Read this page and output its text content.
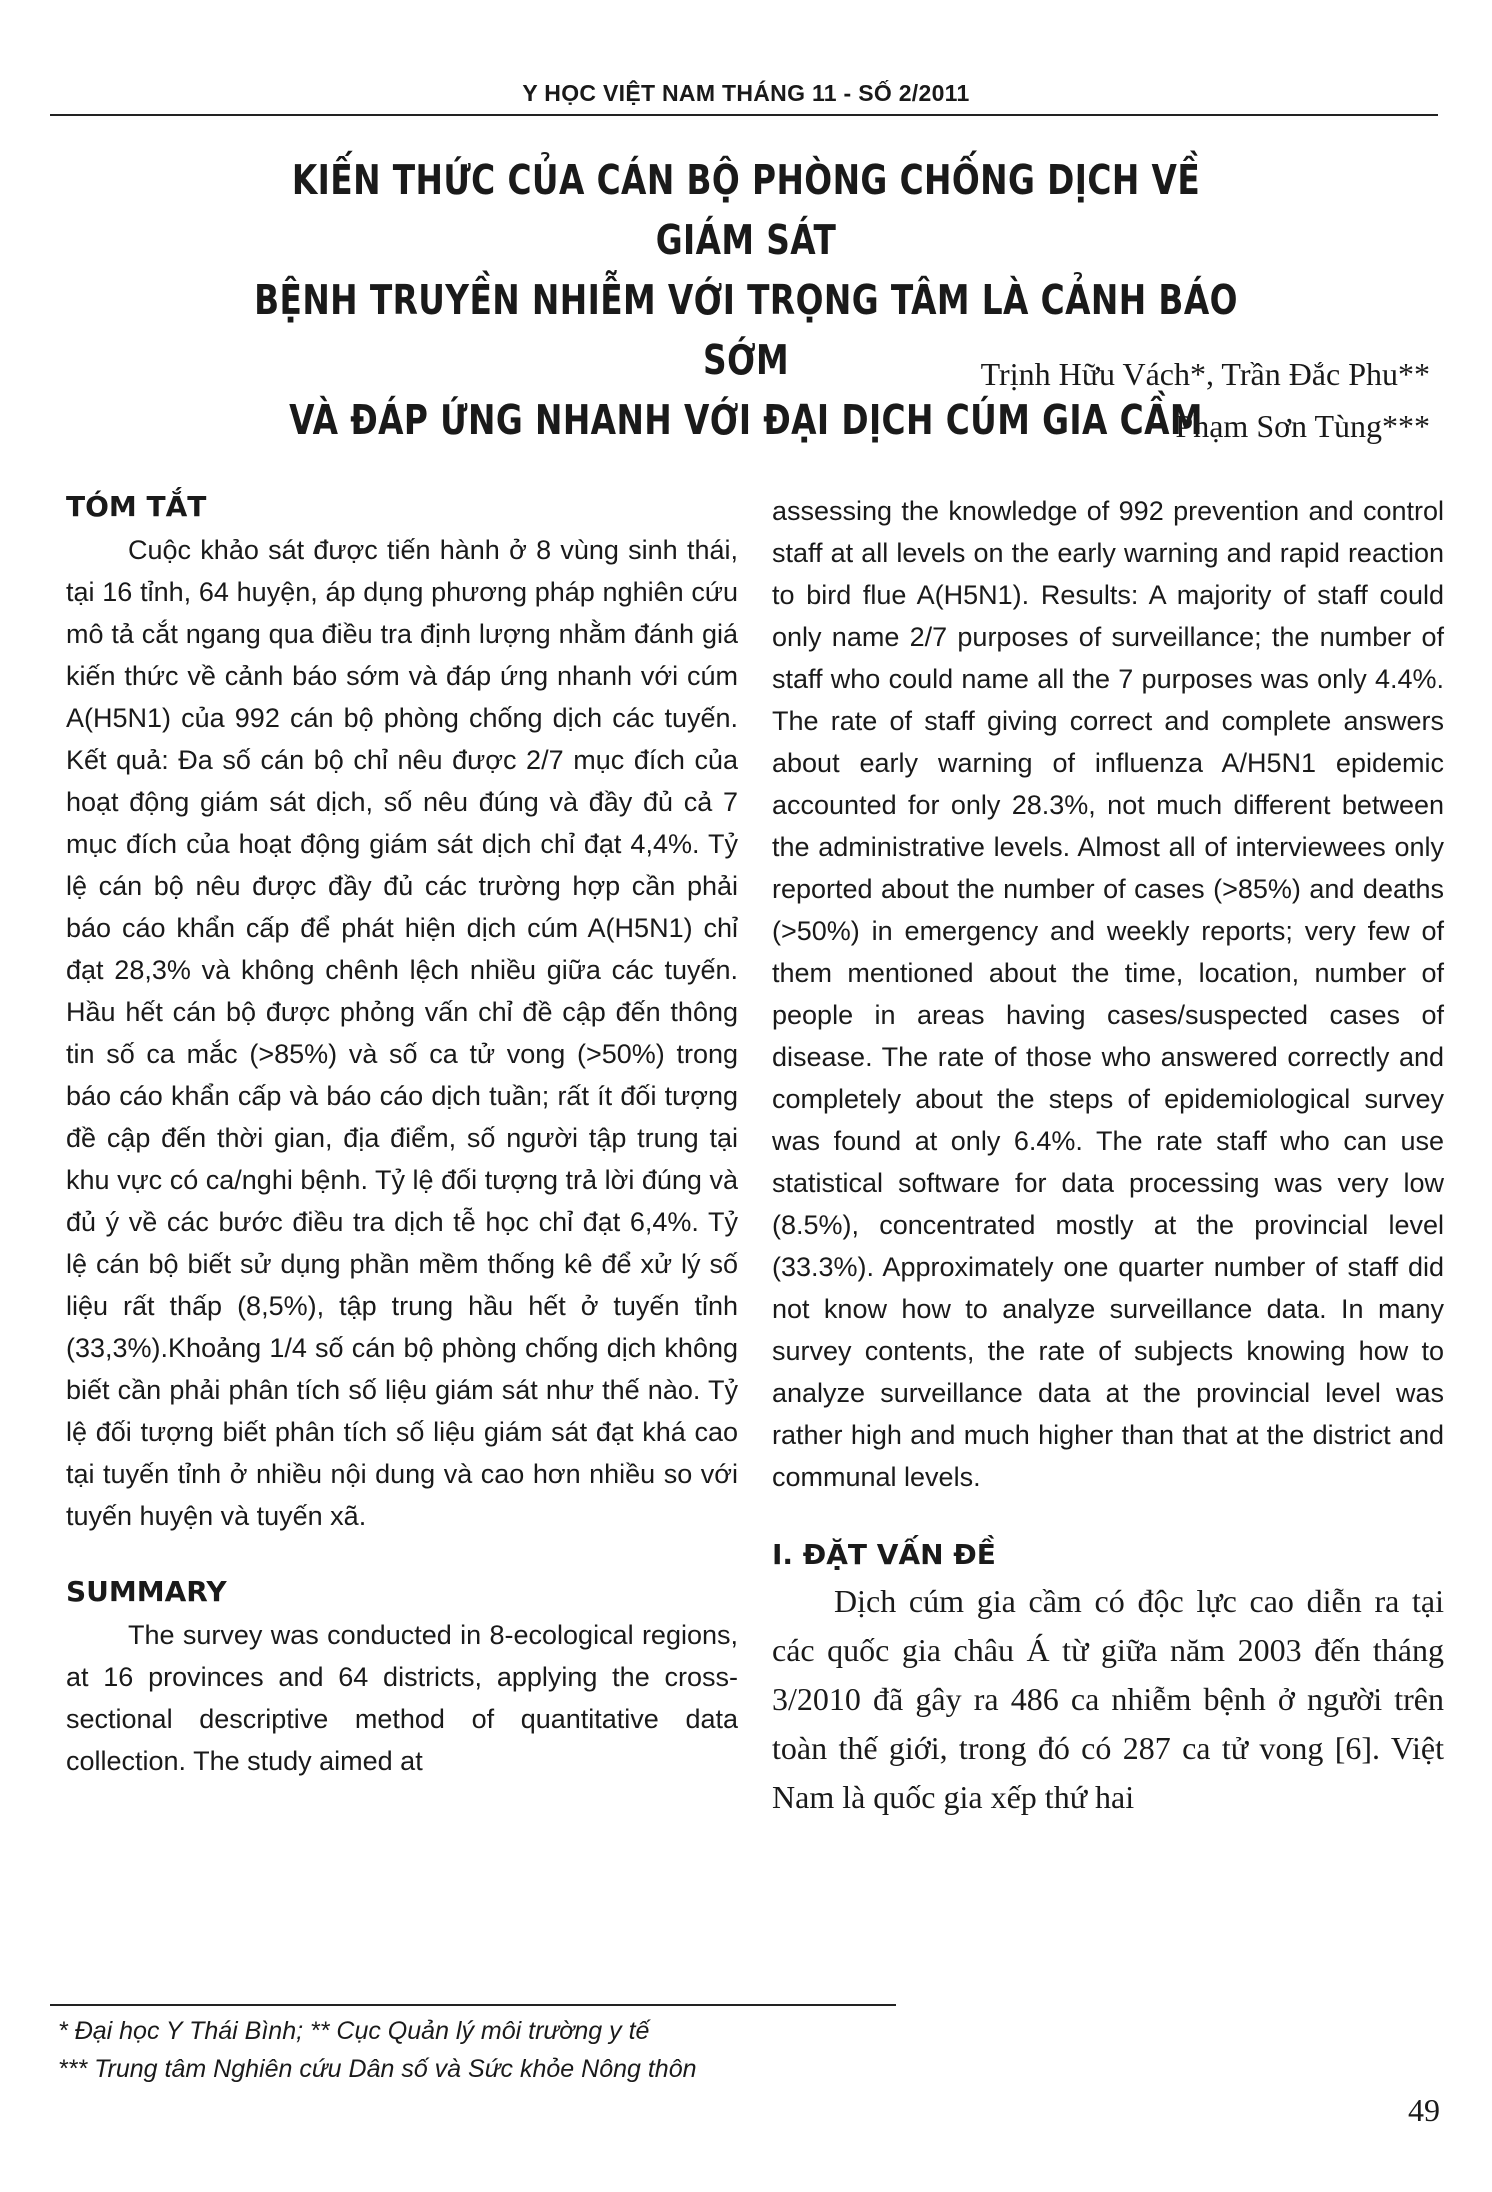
Y HỌC VIỆT NAM THÁNG 11 - SỐ 2/2011
KIẾN THỨC CỦA CÁN BỘ PHÒNG CHỐNG DỊCH VỀ GIÁM SÁT
BỆNH TRUYỀN NHIỄM VỚI TRỌNG TÂM LÀ CẢNH BÁO SỚM
VÀ ĐÁP ỨNG NHANH VỚI ĐẠI DỊCH CÚM GIA CẦM
Trịnh Hữu Vách*, Trần Đắc Phu**
Phạm Sơn Tùng***
TÓM TẮT

Cuộc khảo sát được tiến hành ở 8 vùng sinh thái, tại 16 tỉnh, 64 huyện, áp dụng phương pháp nghiên cứu mô tả cắt ngang qua điều tra định lượng nhằm đánh giá kiến thức về cảnh báo sớm và đáp ứng nhanh với cúm A(H5N1) của 992 cán bộ phòng chống dịch các tuyến. Kết quả: Đa số cán bộ chỉ nêu được 2/7 mục đích của hoạt động giám sát dịch, số nêu đúng và đầy đủ cả 7 mục đích của hoạt động giám sát dịch chỉ đạt 4,4%. Tỷ lệ cán bộ nêu được đầy đủ các trường hợp cần phải báo cáo khẩn cấp để phát hiện dịch cúm A(H5N1) chỉ đạt 28,3% và không chênh lệch nhiều giữa các tuyến. Hầu hết cán bộ được phỏng vấn chỉ đề cập đến thông tin số ca mắc (>85%) và số ca tử vong (>50%) trong báo cáo khẩn cấp và báo cáo dịch tuần; rất ít đối tượng đề cập đến thời gian, địa điểm, số người tập trung tại khu vực có ca/nghi bệnh. Tỷ lệ đối tượng trả lời đúng và đủ ý về các bước điều tra dịch tễ học chỉ đạt 6,4%. Tỷ lệ cán bộ biết sử dụng phần mềm thống kê để xử lý số liệu rất thấp (8,5%), tập trung hầu hết ở tuyến tỉnh (33,3%).Khoảng 1/4 số cán bộ phòng chống dịch không biết cần phải phân tích số liệu giám sát như thế nào. Tỷ lệ đối tượng biết phân tích số liệu giám sát đạt khá cao tại tuyến tỉnh ở nhiều nội dung và cao hơn nhiều so với tuyến huyện và tuyến xã.

SUMMARY

The survey was conducted in 8-ecological regions, at 16 provinces and 64 districts, applying the cross-sectional descriptive method of quantitative data collection. The study aimed at

assessing the knowledge of 992 prevention and control staff at all levels on the early warning and rapid reaction to bird flue A(H5N1). Results: A majority of staff could only name 2/7 purposes of surveillance; the number of staff who could name all the 7 purposes was only 4.4%. The rate of staff giving correct and complete answers about early warning of influenza A/H5N1 epidemic accounted for only 28.3%, not much different between the administrative levels. Almost all of interviewees only reported about the number of cases (>85%) and deaths (>50%) in emergency and weekly reports; very few of them mentioned about the time, location, number of people in areas having cases/suspected cases of disease. The rate of those who answered correctly and completely about the steps of epidemiological survey was found at only 6.4%. The rate staff who can use statistical software for data processing was very low (8.5%), concentrated mostly at the provincial level (33.3%). Approximately one quarter number of staff did not know how to analyze surveillance data. In many survey contents, the rate of subjects knowing how to analyze surveillance data at the provincial level was rather high and much higher than that at the district and communal levels.

I. ĐẶT VẤN ĐỀ

Dịch cúm gia cầm có độc lực cao diễn ra tại các quốc gia châu Á từ giữa năm 2003 đến tháng 3/2010 đã gây ra 486 ca nhiễm bệnh ở người trên toàn thế giới, trong đó có 287 ca tử vong [6]. Việt Nam là quốc gia xếp thứ hai

* Đại học Y Thái Bình; ** Cục Quản lý môi trường y tế
*** Trung tâm Nghiên cứu Dân số và Sức khỏe Nông thôn
49
